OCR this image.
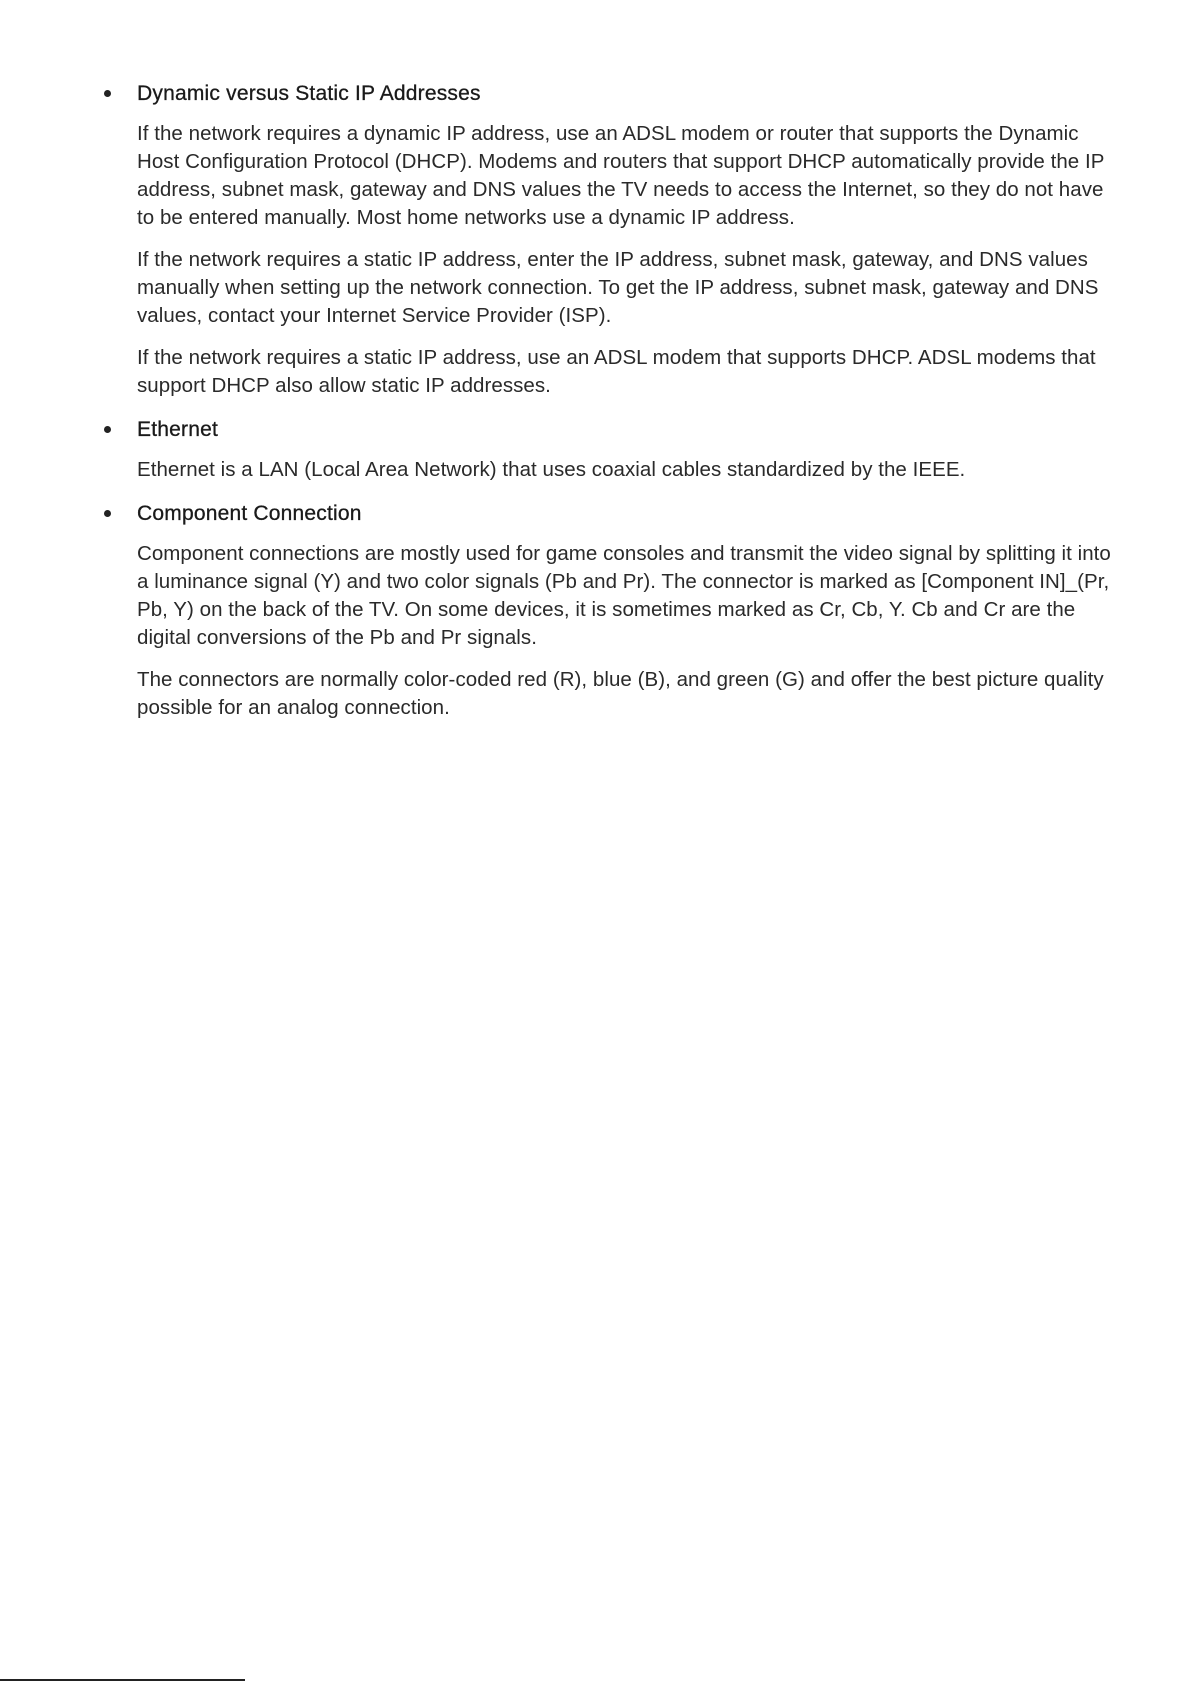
Dynamic versus Static IP Addresses

If the network requires a dynamic IP address, use an ADSL modem or router that supports the Dynamic Host Configuration Protocol (DHCP). Modems and routers that support DHCP automatically provide the IP address, subnet mask, gateway and DNS values the TV needs to access the Internet, so they do not have to be entered manually. Most home networks use a dynamic IP address.

If the network requires a static IP address, enter the IP address, subnet mask, gateway, and DNS values manually when setting up the network connection. To get the IP address, subnet mask, gateway and DNS values, contact your Internet Service Provider (ISP).

If the network requires a static IP address, use an ADSL modem that supports DHCP. ADSL modems that support DHCP also allow static IP addresses.

Ethernet

Ethernet is a LAN (Local Area Network) that uses coaxial cables standardized by the IEEE.

Component Connection

Component connections are mostly used for game consoles and transmit the video signal by splitting it into a luminance signal (Y) and two color signals (Pb and Pr). The connector is marked as [Component IN]_(Pr, Pb, Y) on the back of the TV. On some devices, it is sometimes marked as Cr, Cb, Y. Cb and Cr are the digital conversions of the Pb and Pr signals.

The connectors are normally color-coded red (R), blue (B), and green (G) and offer the best picture quality possible for an analog connection.
